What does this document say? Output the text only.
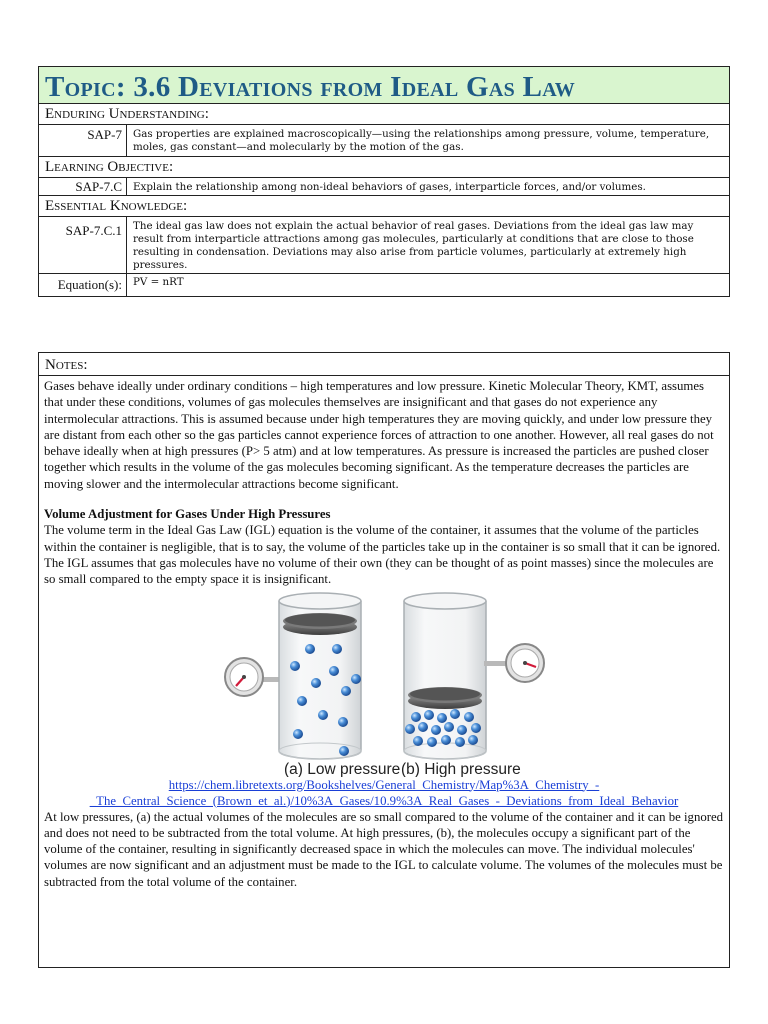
Topic: 3.6 Deviations from Ideal Gas Law
Enduring Understanding:
SAP-7	Gas properties are explained macroscopically—using the relationships among pressure, volume, temperature, moles, gas constant—and molecularly by the motion of the gas.
Learning Objective:
SAP-7.C	Explain the relationship among non-ideal behaviors of gases, interparticle forces, and/or volumes.
Essential Knowledge:
SAP-7.C.1	The ideal gas law does not explain the actual behavior of real gases. Deviations from the ideal gas law may result from interparticle attractions among gas molecules, particularly at conditions that are close to those resulting in condensation. Deviations may also arise from particle volumes, particularly at extremely high pressures.
Equation(s):	PV = nRT
Notes:

Gases behave ideally under ordinary conditions – high temperatures and low pressure. Kinetic Molecular Theory, KMT, assumes that under these conditions, volumes of gas molecules themselves are insignificant and that gases do not experience any intermolecular attractions. This is assumed because under high temperatures they are moving quickly, and under low pressure they are distant from each other so the gas particles cannot experience forces of attraction to one another. However, all real gases do not behave ideally when at high pressures (P> 5 atm) and at low temperatures. As pressure is increased the particles are pushed closer together which results in the volume of the gas molecules becoming significant. As the temperature decreases the particles are moving slower and the intermolecular attractions become significant.

Volume Adjustment for Gases Under High Pressures

The volume term in the Ideal Gas Law (IGL) equation is the volume of the container, it assumes that the volume of the particles within the container is negligible, that is to say, the volume of the particles take up in the container is so small that it can be ignored. The IGL assumes that gas molecules have no volume of their own (they can be thought of as point masses) since the molecules are so small compared to the empty space it is insignificant.

(a) Low pressure (b) High pressure
https://chem.libretexts.org/Bookshelves/General_Chemistry/Map%3A_Chemistry_-
_The_Central_Science_(Brown_et_al.)/10%3A_Gases/10.9%3A_Real_Gases_-_Deviations_from_Ideal_Behavior

At low pressures, (a) the actual volumes of the molecules are so small compared to the volume of the container and it can be ignored and does not need to be subtracted from the total volume. At high pressures, (b), the molecules occupy a significant part of the volume of the container, resulting in significantly decreased space in which the molecules can move. The individual molecules' volumes are now significant and an adjustment must be made to the IGL to calculate volume. The volumes of the molecules must be subtracted from the total volume of the container.
